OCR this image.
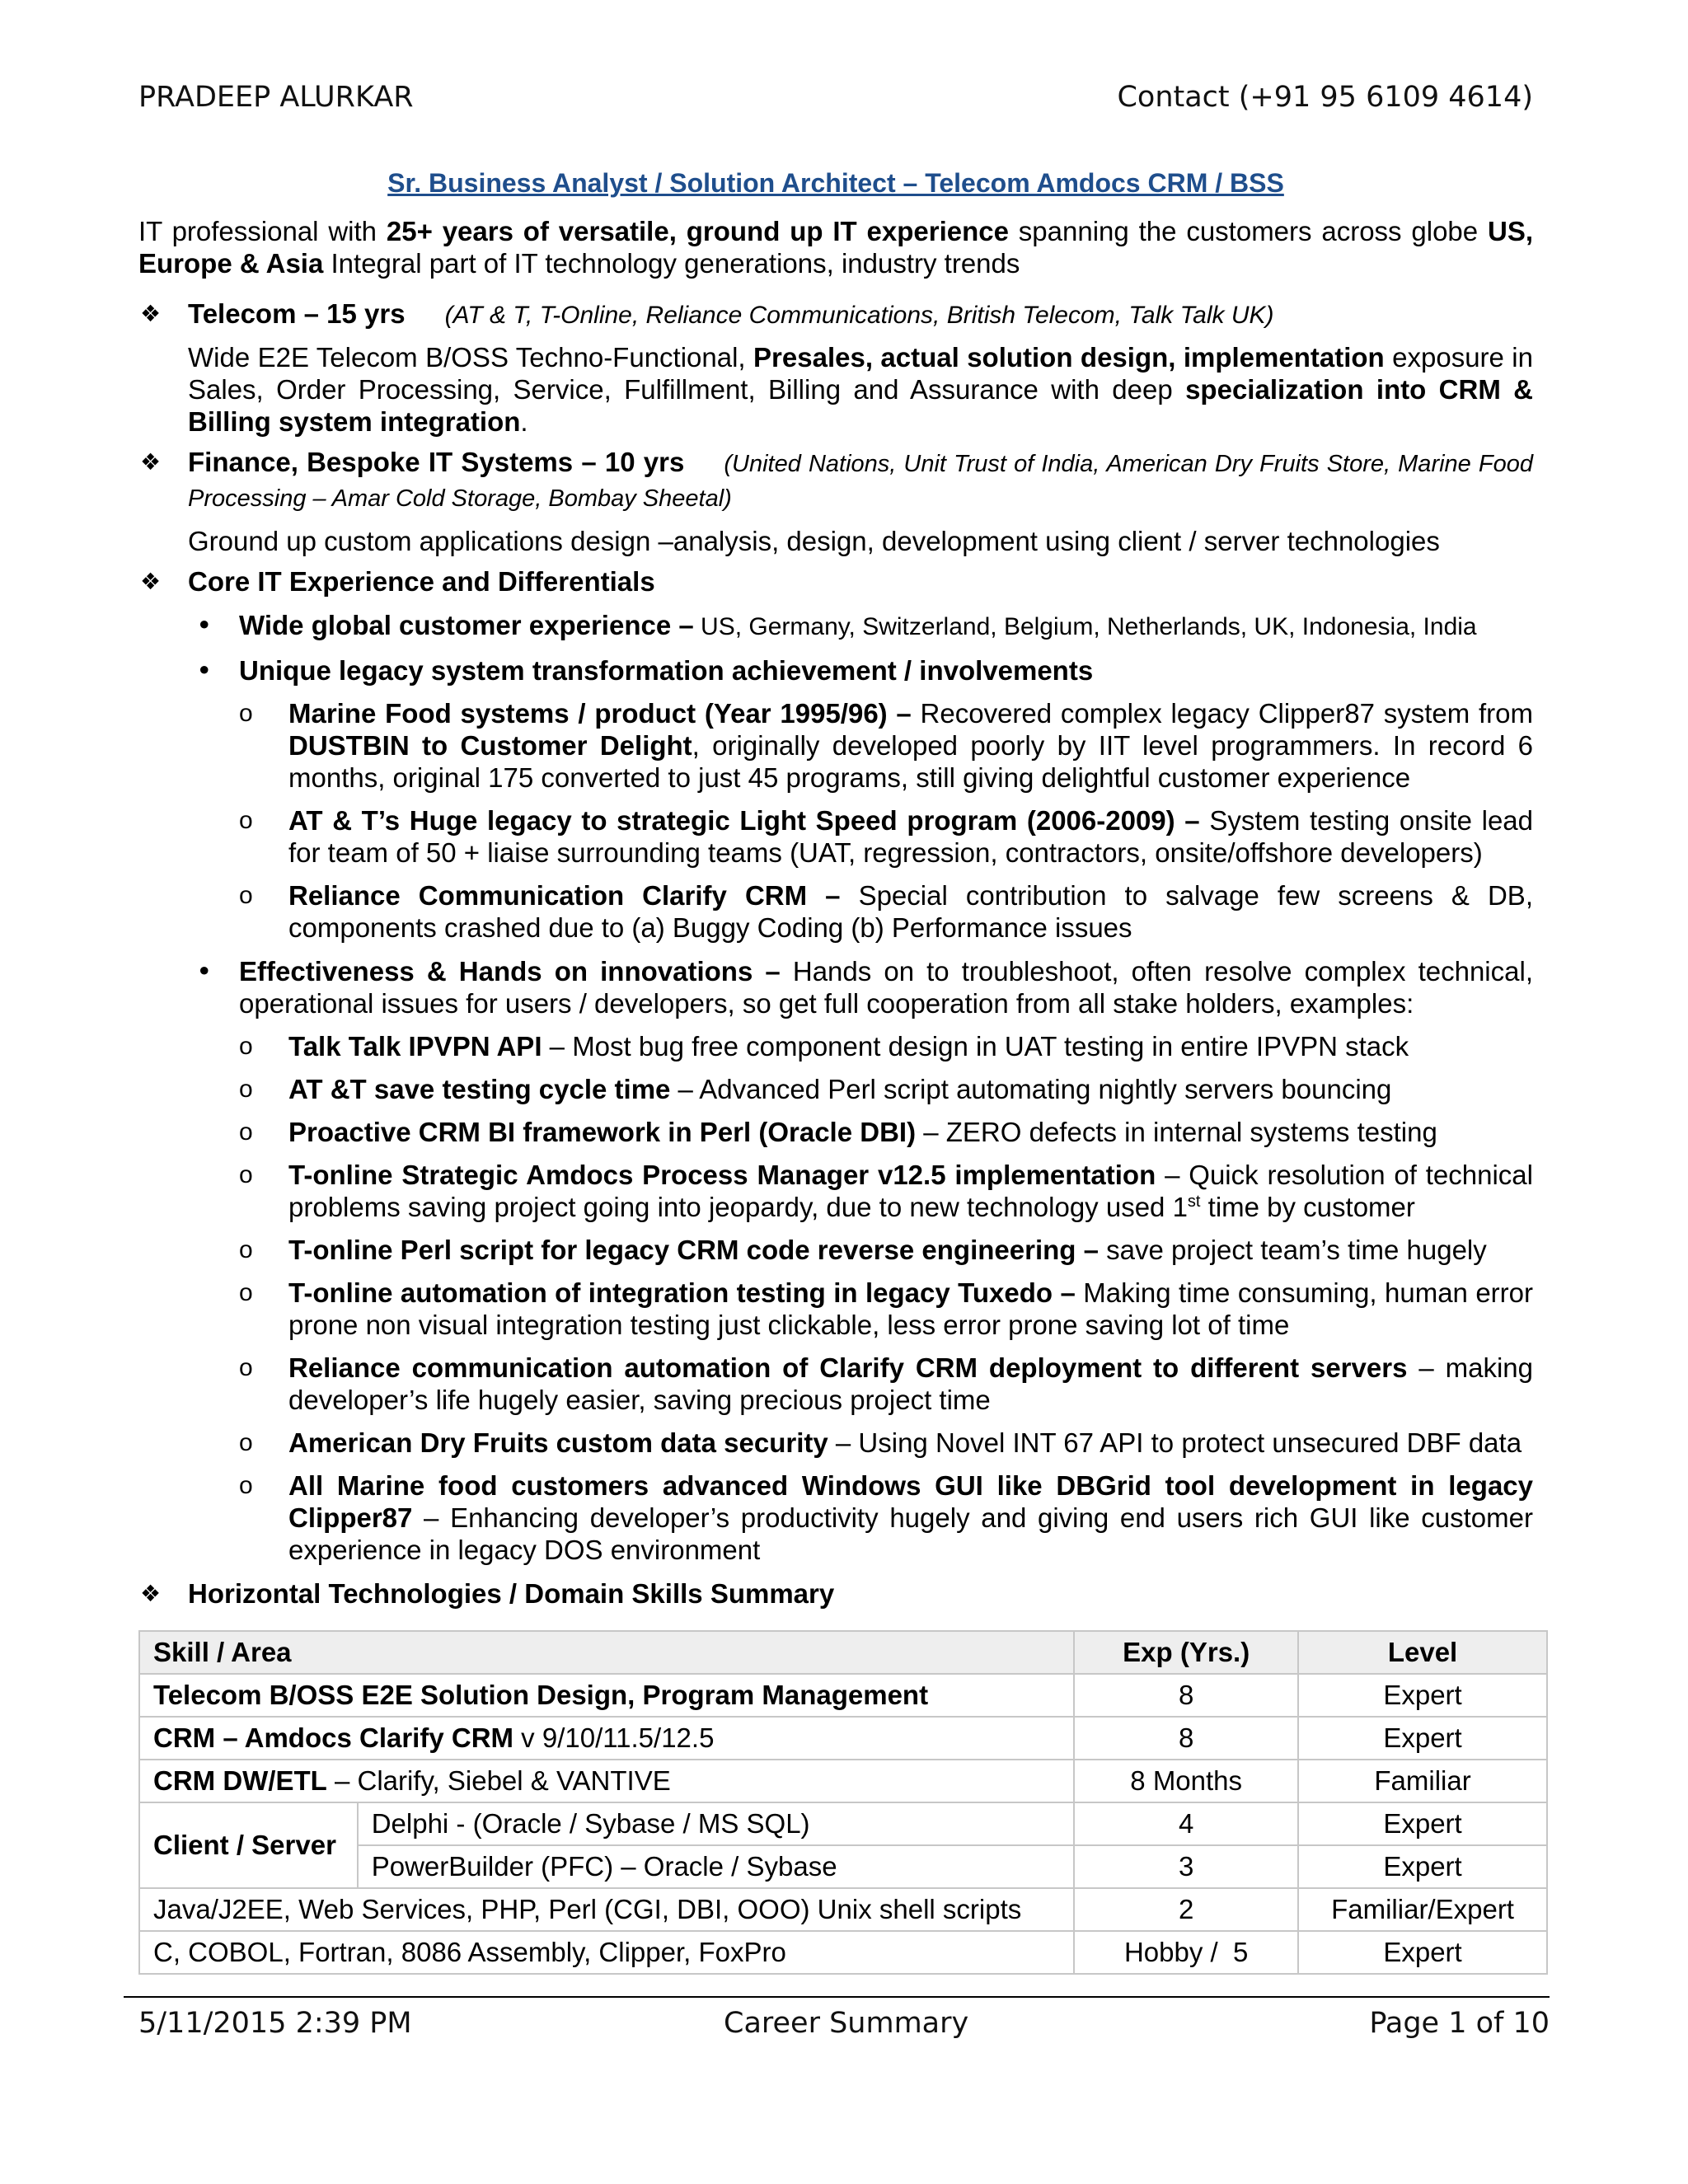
PRADEEP ALURKAR	Contact (+91 95 6109 4614)

Sr. Business Analyst / Solution Architect – Telecom Amdocs CRM / BSS

IT professional with 25+ years of versatile, ground up IT experience spanning the customers across globe US, Europe & Asia Integral part of IT technology generations, industry trends

❖ Telecom – 15 yrs (AT & T, T-Online, Reliance Communications, British Telecom, Talk Talk UK)

Wide E2E Telecom B/OSS Techno-Functional, Presales, actual solution design, implementation exposure in Sales, Order Processing, Service, Fulfillment, Billing and Assurance with deep specialization into CRM & Billing system integration.

❖ Finance, Bespoke IT Systems – 10 yrs (United Nations, Unit Trust of India, American Dry Fruits Store, Marine Food Processing – Amar Cold Storage, Bombay Sheetal)

Ground up custom applications design –analysis, design, development using client / server technologies

❖ Core IT Experience and Differentials
• Wide global customer experience – US, Germany, Switzerland, Belgium, Netherlands, UK, Indonesia, India
• Unique legacy system transformation achievement / involvements
o Marine Food systems / product (Year 1995/96) – Recovered complex legacy Clipper87 system from DUSTBIN to Customer Delight, originally developed poorly by IIT level programmers. In record 6 months, original 175 converted to just 45 programs, still giving delightful customer experience
o AT & T’s Huge legacy to strategic Light Speed program (2006-2009) – System testing onsite lead for team of 50 + liaise surrounding teams (UAT, regression, contractors, onsite/offshore developers)
o Reliance Communication Clarify CRM – Special contribution to salvage few screens & DB, components crashed due to (a) Buggy Coding (b) Performance issues
• Effectiveness & Hands on innovations – Hands on to troubleshoot, often resolve complex technical, operational issues for users / developers, so get full cooperation from all stake holders, examples:
o Talk Talk IPVPN API – Most bug free component design in UAT testing in entire IPVPN stack
o AT &T save testing cycle time – Advanced Perl script automating nightly servers bouncing
o Proactive CRM BI framework in Perl (Oracle DBI) – ZERO defects in internal systems testing
o T-online Strategic Amdocs Process Manager v12.5 implementation – Quick resolution of technical problems saving project going into jeopardy, due to new technology used 1st time by customer
o T-online Perl script for legacy CRM code reverse engineering – save project team’s time hugely
o T-online automation of integration testing in legacy Tuxedo – Making time consuming, human error prone non visual integration testing just clickable, less error prone saving lot of time
o Reliance communication automation of Clarify CRM deployment to different servers – making developer’s life hugely easier, saving precious project time
o American Dry Fruits custom data security – Using Novel INT 67 API to protect unsecured DBF data
o All Marine food customers advanced Windows GUI like DBGrid tool development in legacy Clipper87 – Enhancing developer’s productivity hugely and giving end users rich GUI like customer experience in legacy DOS environment
❖ Horizontal Technologies / Domain Skills Summary
Skill / Area		Exp (Yrs.)	Level
Telecom B/OSS E2E Solution Design, Program Management		8	Expert
CRM – Amdocs Clarify CRM v 9/10/11.5/12.5		8	Expert
CRM DW/ETL – Clarify, Siebel & VANTIVE		8 Months	Familiar
Client / Server	Delphi - (Oracle / Sybase / MS SQL)	4	Expert
	PowerBuilder (PFC) – Oracle / Sybase	3	Expert
Java/J2EE, Web Services, PHP, Perl (CGI, DBI, OOO) Unix shell scripts		2	Familiar/Expert
C, COBOL, Fortran, 8086 Assembly, Clipper, FoxPro		Hobby /  5	Expert
5/11/2015 2:39 PM	Career Summary	Page 1 of 10
